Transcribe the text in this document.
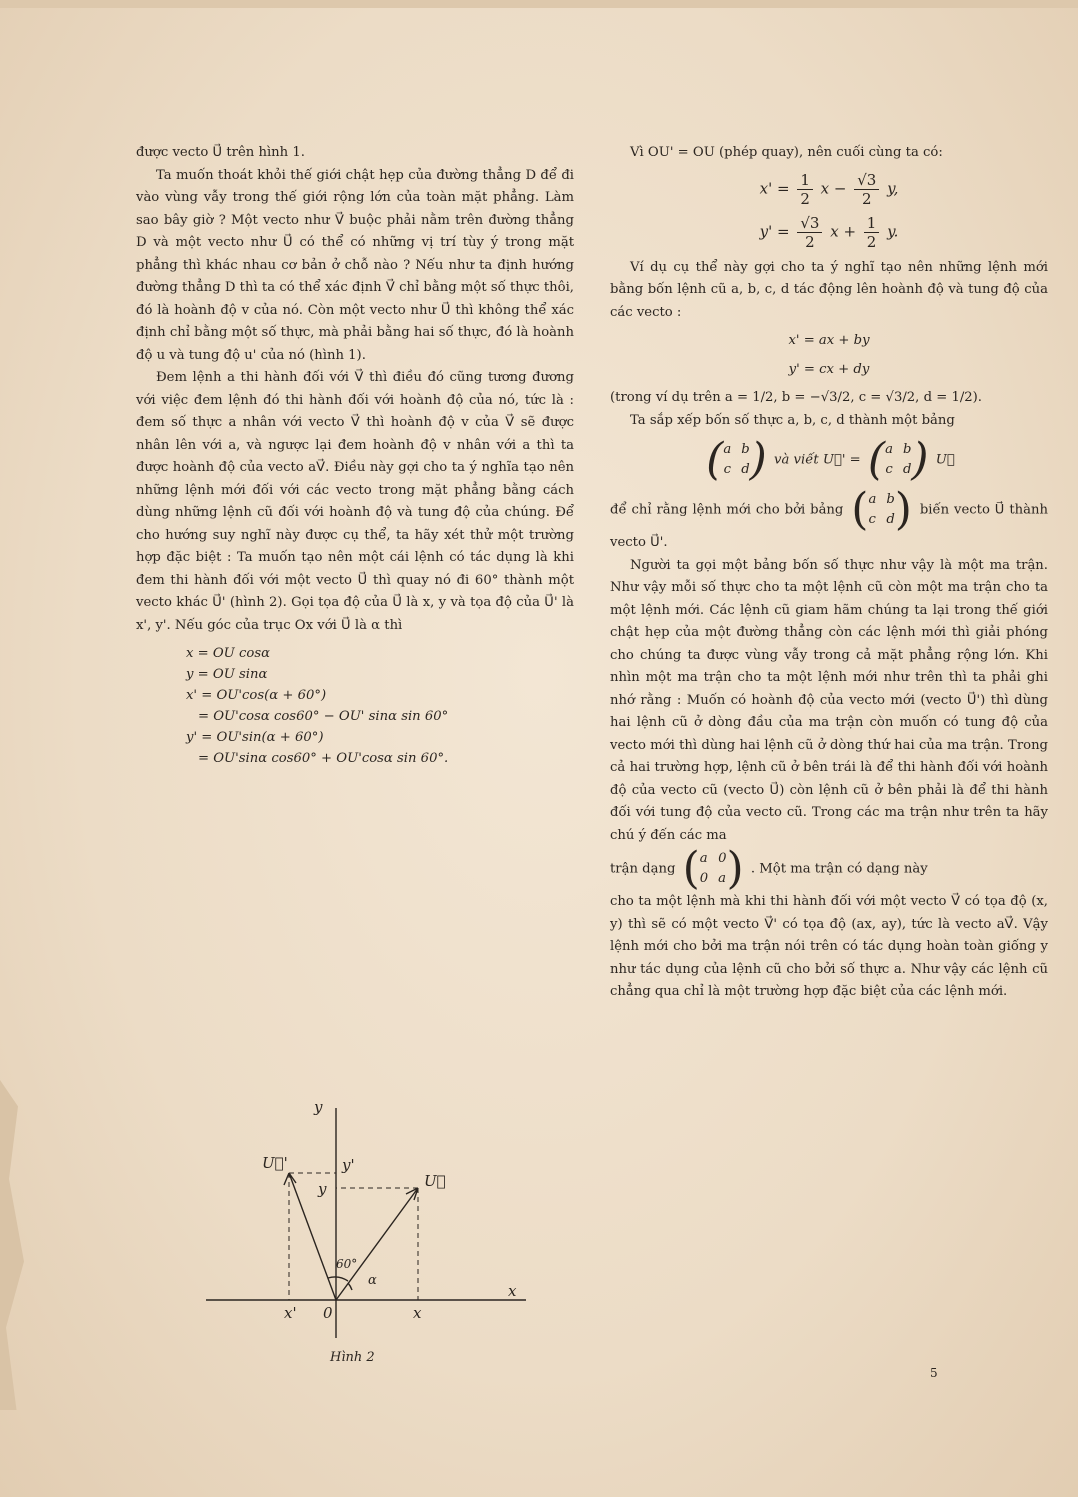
được vecto U⃗ trên hình 1.

Ta muốn thoát khỏi thế giới chật hẹp của đường thẳng D để đi vào vùng vẫy trong thế giới rộng lớn của toàn mặt phẳng. Làm sao bây giờ ? Một vecto như V⃗ buộc phải nằm trên đường thẳng D và một vecto như U⃗ có thể có những vị trí tùy ý trong mặt phẳng thì khác nhau cơ bản ở chỗ nào ? Nếu như ta định hướng đường thẳng D thì ta có thể xác định V⃗ chỉ bằng một số thực thôi, đó là hoành độ v của nó. Còn một vecto như U⃗ thì không thể xác định chỉ bằng một số thực, mà phải bằng hai số thực, đó là hoành độ u và tung độ u' của nó (hình 1).

Đem lệnh a thi hành đối với V⃗ thì điều đó cũng tương đương với việc đem lệnh đó thi hành đối với hoành độ của nó, tức là : đem số thực a nhân với vecto V⃗ thì hoành độ v của V⃗ sẽ được nhân lên với a, và ngược lại đem hoành độ v nhân với a thì ta được hoành độ của vecto aV⃗. Điều này gợi cho ta ý nghĩa tạo nên những lệnh mới đối với các vecto trong mặt phẳng bằng cách dùng những lệnh cũ đối với hoành độ và tung độ của chúng. Để cho hướng suy nghĩ này được cụ thể, ta hãy xét thử một trường hợp đặc biệt : Ta muốn tạo nên một cái lệnh có tác dụng là khi đem thi hành đối với một vecto U⃗ thì quay nó đi 60° thành một vecto khác U⃗' (hình 2). Gọi tọa độ của U⃗ là x, y và tọa độ của U⃗' là x', y'. Nếu góc của trục Ox với U⃗ là α thì

x = OU cosα
y = OU sinα
x' = OU'cos(α + 60°)
= OU'cosα cos60° − OU' sinα sin 60°
y' = OU'sin(α + 60°)
= OU'sinα cos60° + OU'cosα sin 60°.
y
x
0	x
x'
y
y'
U⃗
U⃗'
60°
α
Hình 2

Vì OU' = OU (phép quay), nên cuối cùng ta có:

$x' = \frac{1}{2}$ $x - \frac{√3}{2} y$,
$y' = \frac{√3}{2}$ $x + \frac{1}{2} y$.

Ví dụ cụ thể này gợi cho ta ý nghĩ tạo nên những lệnh mới bằng bốn lệnh cũ a, b, c, d tác động lên hoành độ và tung độ của các vecto :

x' = ax + by
y' = cx + dy

(trong ví dụ trên a = 1/2, b = −√3/2, c = √3/2, d = 1/2).

Ta sắp xếp bốn số thực a, b, c, d thành một bảng

( a b
c d ) và viết U⃗' = ( a b
c d ) U⃗

để chỉ rằng lệnh mới cho bởi bảng ( a b
c d ) biến vecto U⃗ thành vecto U⃗'.

Người ta gọi một bảng bốn số thực như vậy là một ma trận. Như vậy mỗi số thực cho ta một lệnh cũ còn một ma trận cho ta một lệnh mới. Các lệnh cũ giam hãm chúng ta lại trong thế giới chật hẹp của một đường thẳng còn các lệnh mới thì giải phóng cho chúng ta được vùng vẫy trong cả mặt phẳng rộng lớn. Khi nhìn một ma trận cho ta một lệnh mới như trên thì ta phải ghi nhớ rằng : Muốn có hoành độ của vecto mới (vecto U⃗') thì dùng hai lệnh cũ ở dòng đầu của ma trận còn muốn có tung độ của vecto mới thì dùng hai lệnh cũ ở dòng thứ hai của ma trận. Trong cả hai trường hợp, lệnh cũ ở bên trái là để thi hành đối với hoành độ của vecto cũ (vecto U⃗) còn lệnh cũ ở bên phải là để thi hành đối với tung độ của vecto cũ. Trong các ma trận như trên ta hãy chú ý đến các ma

trận dạng ( a 0
0 a ) . Một ma trận có dạng này

cho ta một lệnh mà khi thi hành đối với một vecto V⃗ có tọa độ (x, y) thì sẽ có một vecto V⃗' có tọa độ (ax, ay), tức là vecto aV⃗. Vậy lệnh mới cho bởi ma trận nói trên có tác dụng hoàn toàn giống y như tác dụng của lệnh cũ cho bởi số thực a. Như vậy các lệnh cũ chẳng qua chỉ là một trường hợp đặc biệt của các lệnh mới.

5
